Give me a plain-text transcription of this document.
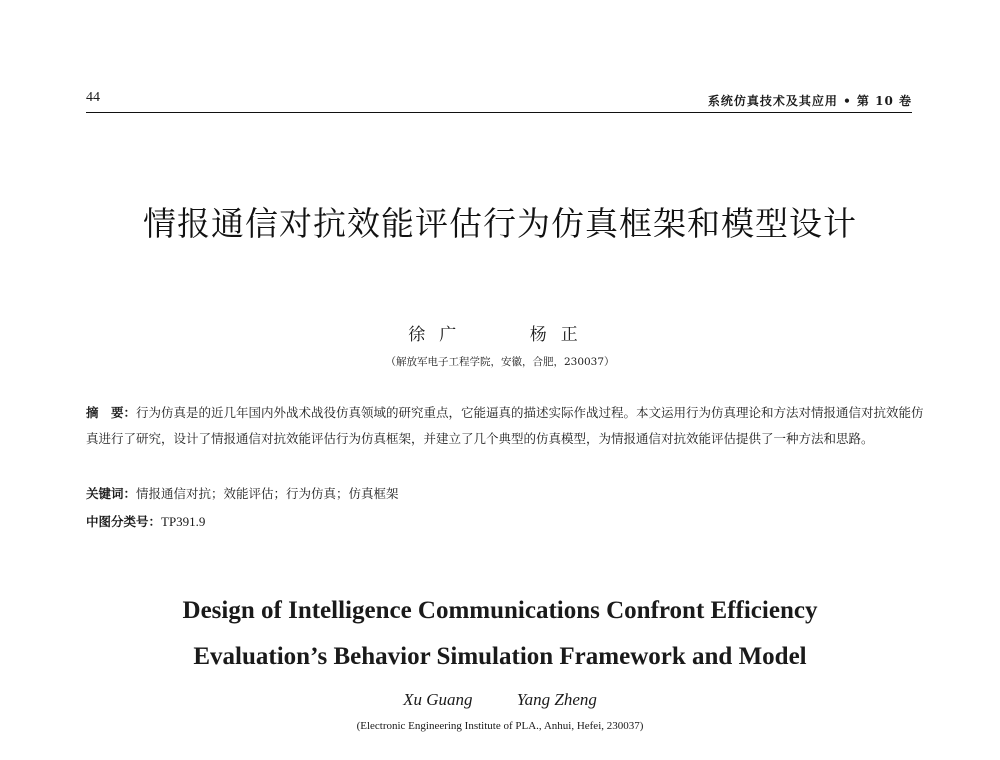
44	系统仿真技术及其应用 • 第 10 卷
情报通信对抗效能评估行为仿真框架和模型设计
徐广	杨正
（解放军电子工程学院，安徽，合肥，230037）
摘　要：行为仿真是的近几年国内外战术战役仿真领域的研究重点，它能逼真的描述实际作战过程。本文运用行为仿真理论和方法对情报通信对抗效能仿真进行了研究，设计了情报通信对抗效能评估行为仿真框架，并建立了几个典型的仿真模型，为情报通信对抗效能评估提供了一种方法和思路。
关键词：情报通信对抗；效能评估；行为仿真；仿真框架
中图分类号：TP391.9
Design of Intelligence Communications Confront Efficiency
Evaluation’s Behavior Simulation Framework and Model
Xu Guang	Yang Zheng
(Electronic Engineering Institute of PLA., Anhui, Hefei, 230037)
